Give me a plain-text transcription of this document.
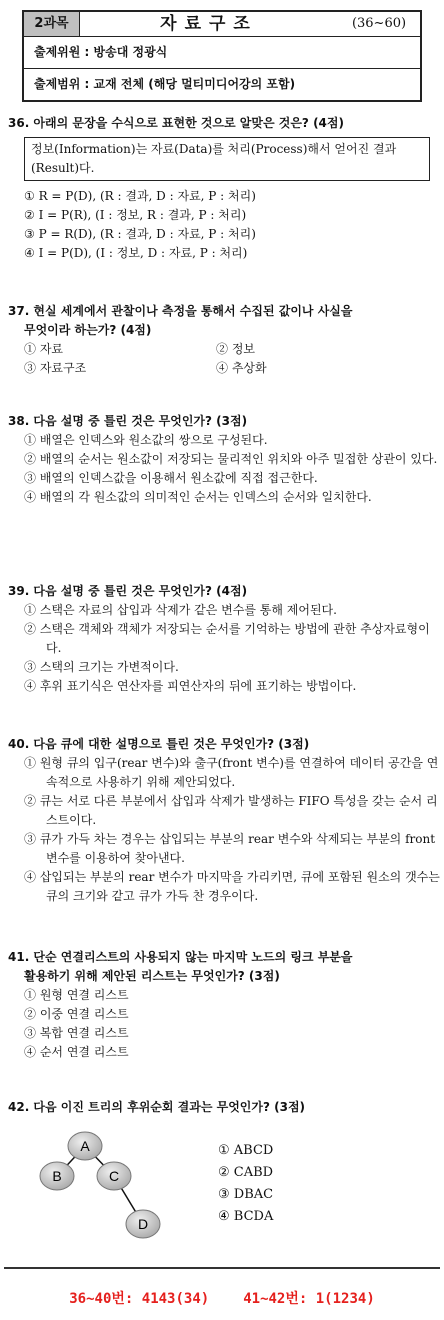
2과목	자료구조	(36~60)
출제위원 : 방송대 정광식
출제범위 : 교재 전체 (해당 멀티미디어강의 포함)
36. 아래의 문장을 수식으로 표현한 것으로 알맞은 것은? (4점)
정보(Information)는 자료(Data)를 처리(Process)해서 얻어진 결과(Result)다.
① R = P(D), (R : 결과, D : 자료, P : 처리)
② I = P(R), (I : 정보, R : 결과, P : 처리)
③ P = R(D), (R : 결과, D : 자료, P : 처리)
④ I = P(D), (I : 정보, D : 자료, P : 처리)
37. 현실 세계에서 관찰이나 측정을 통해서 수집된 값이나 사실을
무엇이라 하는가? (4점)
① 자료	② 정보
③ 자료구조	④ 추상화
38. 다음 설명 중 틀린 것은 무엇인가? (3점)
① 배열은 인덱스와 원소값의 쌍으로 구성된다.
② 배열의 순서는 원소값이 저장되는 물리적인 위치와 아주 밀접한 상관이 있다.
③ 배열의 인덱스값을 이용해서 원소값에 직접 접근한다.
④ 배열의 각 원소값의 의미적인 순서는 인덱스의 순서와 일치한다.
39. 다음 설명 중 틀린 것은 무엇인가? (4점)
① 스택은 자료의 삽입과 삭제가 같은 변수를 통해 제어된다.
② 스택은 객체와 객체가 저장되는 순서를 기억하는 방법에 관한 추상자료형이다.
③ 스택의 크기는 가변적이다.
④ 후위 표기식은 연산자를 피연산자의 뒤에 표기하는 방법이다.
40. 다음 큐에 대한 설명으로 틀린 것은 무엇인가? (3점)
① 원형 큐의 입구(rear 변수)와 출구(front 변수)를 연결하여 데이터 공간을 연속적으로 사용하기 위해 제안되었다.
② 큐는 서로 다른 부분에서 삽입과 삭제가 발생하는 FIFO 특성을 갖는 순서 리스트이다.
③ 큐가 가득 차는 경우는 삽입되는 부분의 rear 변수와 삭제되는 부분의 front 변수를 이용하여 찾아낸다.
④ 삽입되는 부분의 rear 변수가 마지막을 가리키면, 큐에 포함된 원소의 갯수는 큐의 크기와 같고 큐가 가득 찬 경우이다.
41. 단순 연결리스트의 사용되지 않는 마지막 노드의 링크 부분을
활용하기 위해 제안된 리스트는 무엇인가? (3점)
① 원형 연결 리스트
② 이중 연결 리스트
③ 복합 연결 리스트
④ 순서 연결 리스트
42. 다음 이진 트리의 후위순회 결과는 무엇인가? (3점)
A
B	C
D
① ABCD
② CABD
③ DBAC
④ BCDA
36~40번: 4143(34) 41~42번: 1(1234)
